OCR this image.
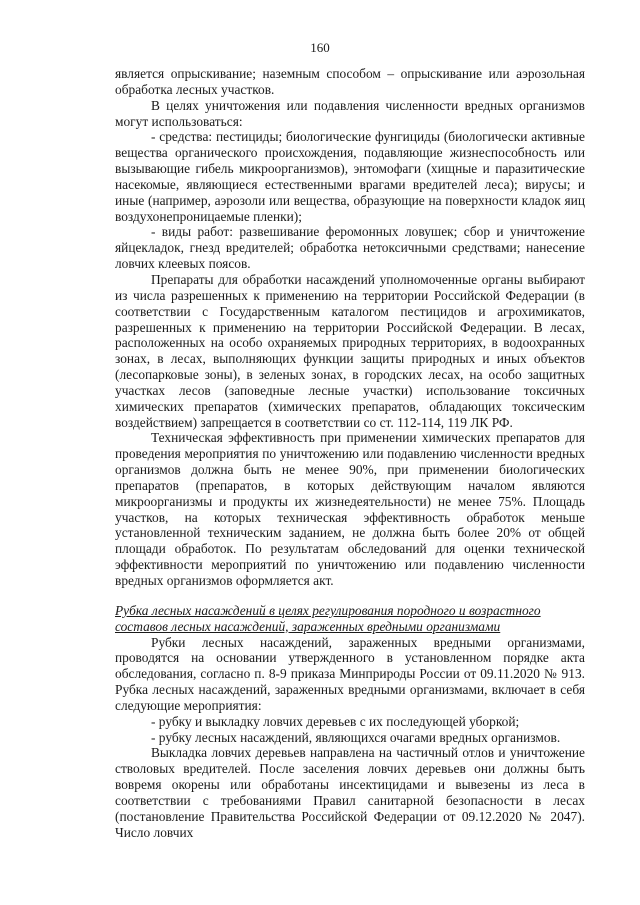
160

является опрыскивание; наземным способом – опрыскивание или аэрозольная обработка лесных участков.

В целях уничтожения или подавления численности вредных организмов могут использоваться:

- средства: пестициды; биологические фунгициды (биологически активные вещества органического происхождения, подавляющие жизнеспособность или вызывающие гибель микроорганизмов), энтомофаги (хищные и паразитические насекомые, являющиеся естественными врагами вредителей леса); вирусы; и иные (например, аэрозоли или вещества, образующие на поверхности кладок яиц воздухонепроницаемые пленки);

- виды работ: развешивание феромонных ловушек; сбор и уничтожение яйцекладок, гнезд вредителей; обработка нетоксичными средствами; нанесение ловчих клеевых поясов.

Препараты для обработки насаждений уполномоченные органы выбирают из числа разрешенных к применению на территории Российской Федерации (в соответствии с Государственным каталогом пестицидов и агрохимикатов, разрешенных к применению на территории Российской Федерации. В лесах, расположенных на особо охраняемых природных территориях, в водоохранных зонах, в лесах, выполняющих функции защиты природных и иных объектов (лесопарковые зоны), в зеленых зонах, в городских лесах, на особо защитных участках лесов (заповедные лесные участки) использование токсичных химических препаратов (химических препаратов, обладающих токсическим воздействием) запрещается в соответствии со ст. 112-114, 119 ЛК РФ.

Техническая эффективность при применении химических препаратов для проведения мероприятия по уничтожению или подавлению численности вредных организмов должна быть не менее 90%, при применении биологических препаратов (препаратов, в которых действующим началом являются микроорганизмы и продукты их жизнедеятельности) не менее 75%. Площадь участков, на которых техническая эффективность обработок меньше установленной техническим заданием, не должна быть более 20% от общей площади обработок. По результатам обследований для оценки технической эффективности мероприятий по уничтожению или подавлению численности вредных организмов оформляется акт.

Рубка лесных насаждений в целях регулирования породного и возрастного составов лесных насаждений, зараженных вредными организмами

Рубки лесных насаждений, зараженных вредными организмами, проводятся на основании утвержденного в установленном порядке акта обследования, согласно п. 8-9 приказа Минприроды России от 09.11.2020 № 913. Рубка лесных насаждений, зараженных вредными организмами, включает в себя следующие мероприятия:

- рубку и выкладку ловчих деревьев с их последующей уборкой;

- рубку лесных насаждений, являющихся очагами вредных организмов.

Выкладка ловчих деревьев направлена на частичный отлов и уничтожение стволовых вредителей. После заселения ловчих деревьев они должны быть вовремя окорены или обработаны инсектицидами и вывезены из леса в соответствии с требованиями Правил санитарной безопасности в лесах (постановление Правительства Российской Федерации от 09.12.2020 № 2047). Число ловчих
